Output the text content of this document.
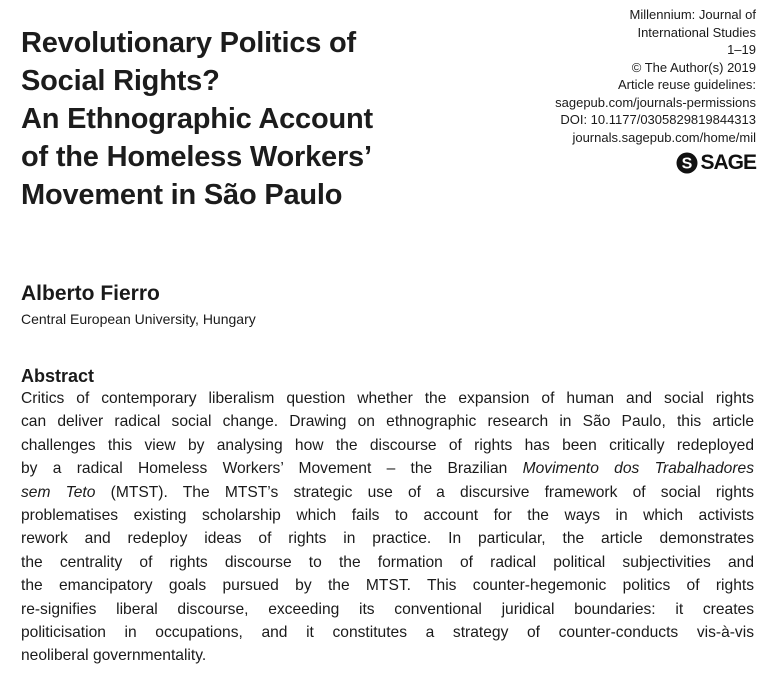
Revolutionary Politics of
Social Rights?
An Ethnographic Account
of the Homeless Workers’
Movement in São Paulo
Millennium: Journal of
International Studies
1–19
© The Author(s) 2019
Article reuse guidelines:
sagepub.com/journals-permissions
DOI: 10.1177/0305829819844313
journals.sagepub.com/home/mil
S SAGE
Alberto Fierro

Central European University, Hungary

Abstract

Critics of contemporary liberalism question whether the expansion of human and social rights
can deliver radical social change. Drawing on ethnographic research in São Paulo, this article
challenges this view by analysing how the discourse of rights has been critically redeployed
by a radical Homeless Workers’ Movement – the Brazilian Movimento dos Trabalhadores
sem Teto (MTST). The MTST’s strategic use of a discursive framework of social rights
problematises existing scholarship which fails to account for the ways in which activists
rework and redeploy ideas of rights in practice. In particular, the article demonstrates
the centrality of rights discourse to the formation of radical political subjectivities and
the emancipatory goals pursued by the MTST. This counter-hegemonic politics of rights
re-signifies liberal discourse, exceeding its conventional juridical boundaries: it creates
politicisation in occupations, and it constitutes a strategy of counter-conducts vis-à-vis
neoliberal governmentality.
